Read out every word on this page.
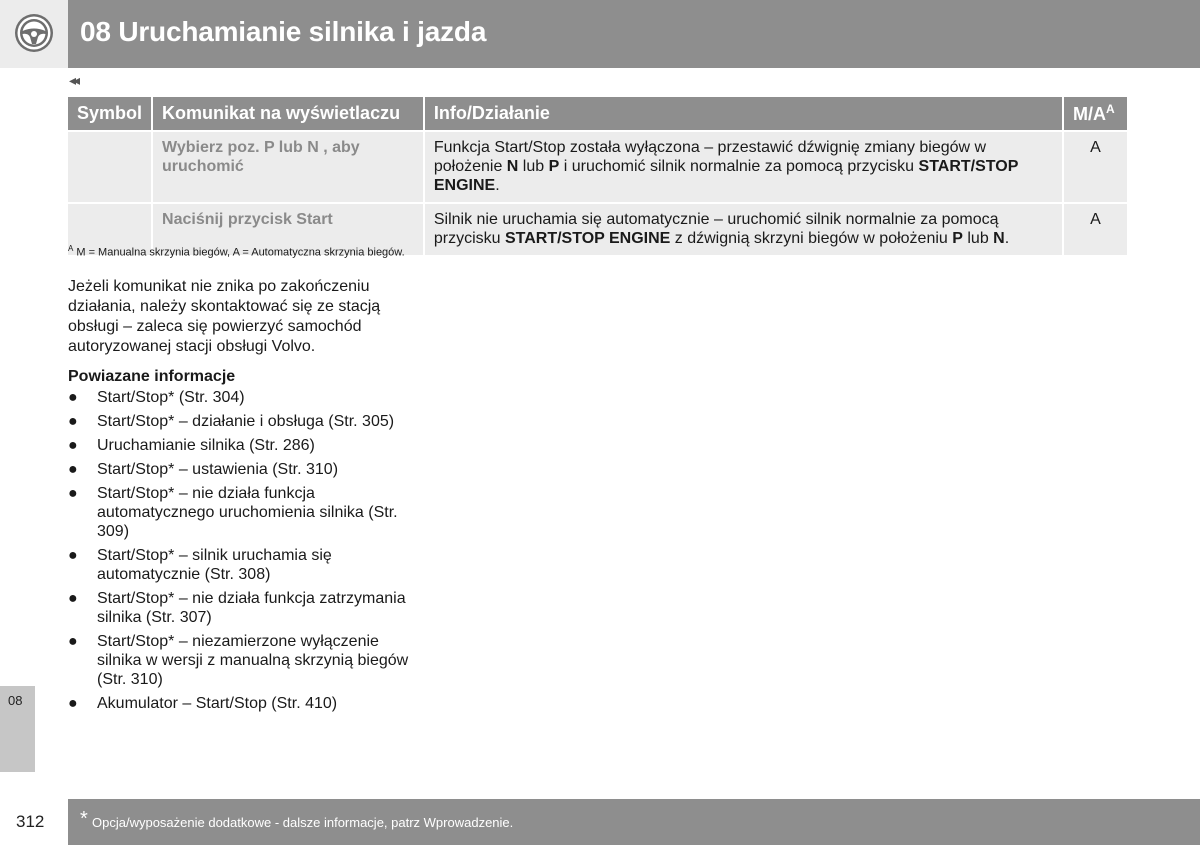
08 Uruchamianie silnika i jazda
◂◂
Symbol	Komunikat na wyświetlaczu	Info/Działanie	$M/A^A$
	Wybierz poz. P lub N , aby uruchomić	Funkcja Start/Stop została wyłączona – przestawić dźwignię zmiany biegów w położenie N lub P i uruchomić silnik normalnie za pomocą przycisku START/STOP ENGINE.	A
	Naciśnij przycisk Start	Silnik nie uruchamia się automatycznie – uruchomić silnik normalnie za pomocą przycisku START/STOP ENGINE z dźwignią skrzyni biegów w położeniu P lub N.	A
$^A$ M = Manualna skrzynia biegów, A = Automatyczna skrzynia biegów.
Jeżeli komunikat nie znika po zakończeniu działania, należy skontaktować się ze stacją obsługi – zaleca się powierzyć samochód autoryzowanej stacji obsługi Volvo.
Powiazane informacje
● Start/Stop* (Str. 304)
● Start/Stop* – działanie i obsługa (Str. 305)
● Uruchamianie silnika (Str. 286)
● Start/Stop* – ustawienia (Str. 310)
● Start/Stop* – nie działa funkcja automatycznego uruchomienia silnika (Str. 309)
● Start/Stop* – silnik uruchamia się automatycznie (Str. 308)
● Start/Stop* – nie działa funkcja zatrzymania silnika (Str. 307)
● Start/Stop* – niezamierzone wyłączenie silnika w wersji z manualną skrzynią biegów (Str. 310)
● Akumulator – Start/Stop (Str. 410)
08
312 * Opcja/wyposażenie dodatkowe - dalsze informacje, patrz Wprowadzenie.
